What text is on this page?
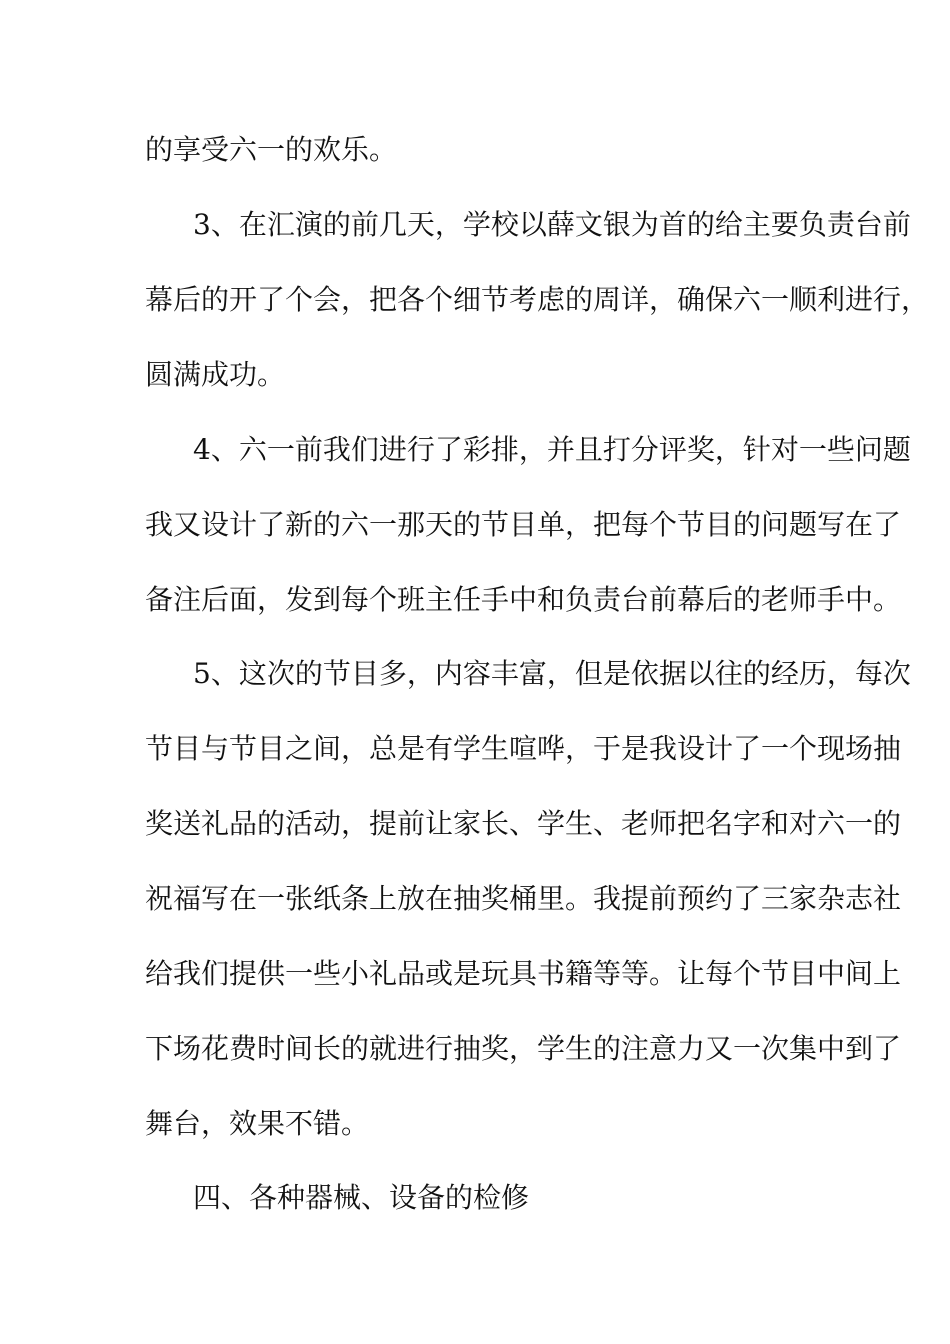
的享受六一的欢乐。
3、在汇演的前几天，学校以薛文银为首的给主要负责台前
幕后的开了个会，把各个细节考虑的周详，确保六一顺利进行，
圆满成功。
4、六一前我们进行了彩排，并且打分评奖，针对一些问题
我又设计了新的六一那天的节目单，把每个节目的问题写在了
备注后面，发到每个班主任手中和负责台前幕后的老师手中。
5、这次的节目多，内容丰富，但是依据以往的经历，每次
节目与节目之间，总是有学生喧哗，于是我设计了一个现场抽
奖送礼品的活动，提前让家长、学生、老师把名字和对六一的
祝福写在一张纸条上放在抽奖桶里。我提前预约了三家杂志社
给我们提供一些小礼品或是玩具书籍等等。让每个节目中间上
下场花费时间长的就进行抽奖，学生的注意力又一次集中到了
舞台，效果不错。
四、各种器械、设备的检修
